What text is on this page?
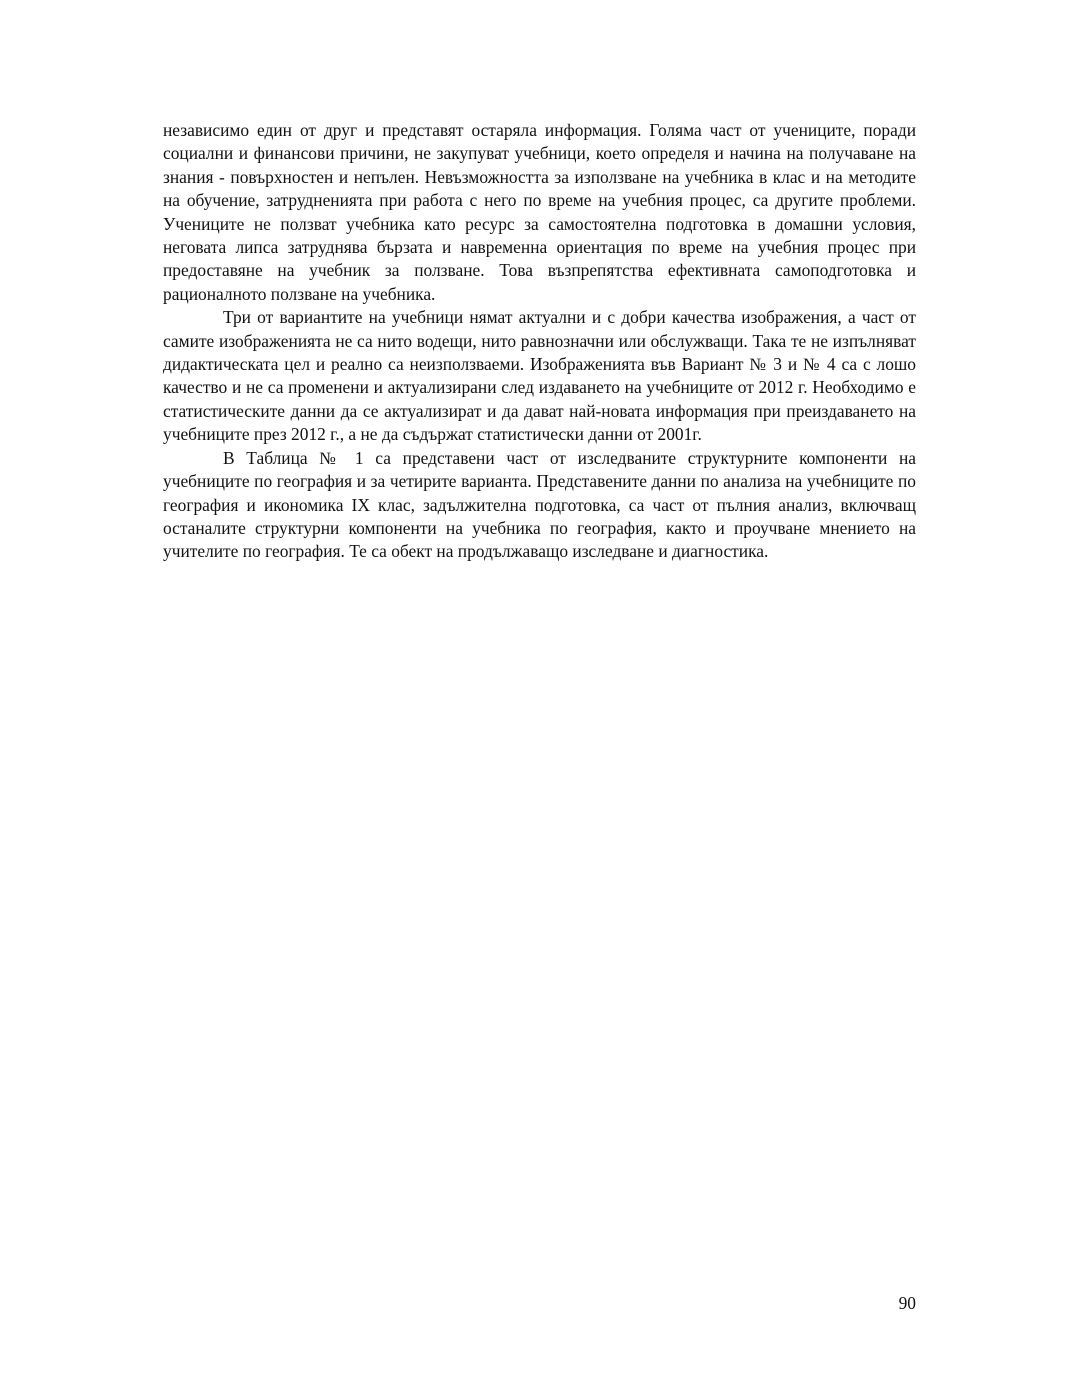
независимо един от друг и представят остаряла информация. Голяма част от учениците, поради социални и финансови причини, не закупуват учебници, което определя и начина на получаване на знания - повърхностен и непълен. Невъзможността за използване на учебника в клас и на методите на обучение, затрудненията при работа с него по време на учебния процес, са другите проблеми. Учениците не ползват учебника като ресурс за самостоятелна подготовка в домашни условия, неговата липса затруднява бързата и навременна ориентация по време на учебния процес при предоставяне на учебник за ползване. Това възпрепятства ефективната самоподготовка и рационалното ползване на учебника.

Три от вариантите на учебници нямат актуални и с добри качества изображения, а част от самите изображенията не са нито водещи, нито равнозначни или обслужващи. Така те не изпълняват дидактическата цел и реално са неизползваеми. Изображенията във Вариант № 3 и № 4 са с лошо качество и не са променени и актуализирани след издаването на учебниците от 2012 г. Необходимо е статистическите данни да се актуализират и да дават най-новата информация при преиздаването на учебниците през 2012 г., а не да съдържат статистически данни от 2001г.

В Таблица № 1 са представени част от изследваните структурните компоненти на учебниците по география и за четирите варианта. Представените данни по анализа на учебниците по география и икономика IX клас, задължителна подготовка, са част от пълния анализ, включващ останалите структурни компоненти на учебника по география, както и проучване мнението на учителите по география. Те са обект на продължаващо изследване и диагностика.

90
